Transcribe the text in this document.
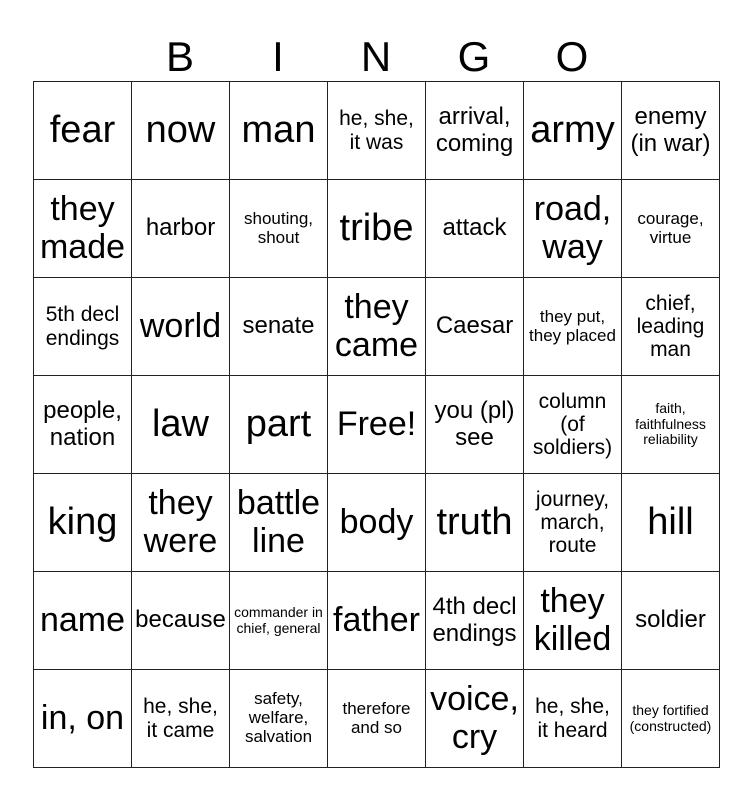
B	I	N	G	O
fear	now	man	he, she, it was	arrival, coming	army	enemy (in war)
they made	harbor	shouting, shout	tribe	attack	road, way	courage, virtue
5th decl endings	world	senate	they came	Caesar	they put, they placed	chief, leading man
people, nation	law	part	Free!	you (pl) see	column (of soldiers)	faith, faithfulness reliability
king	they were	battle line	body	truth	journey, march, route	hill
name	because	commander in chief, general	father	4th decl endings	they killed	soldier
in, on	he, she, it came	safety, welfare, salvation	therefore and so	voice, cry	he, she, it heard	they fortified (constructed)
